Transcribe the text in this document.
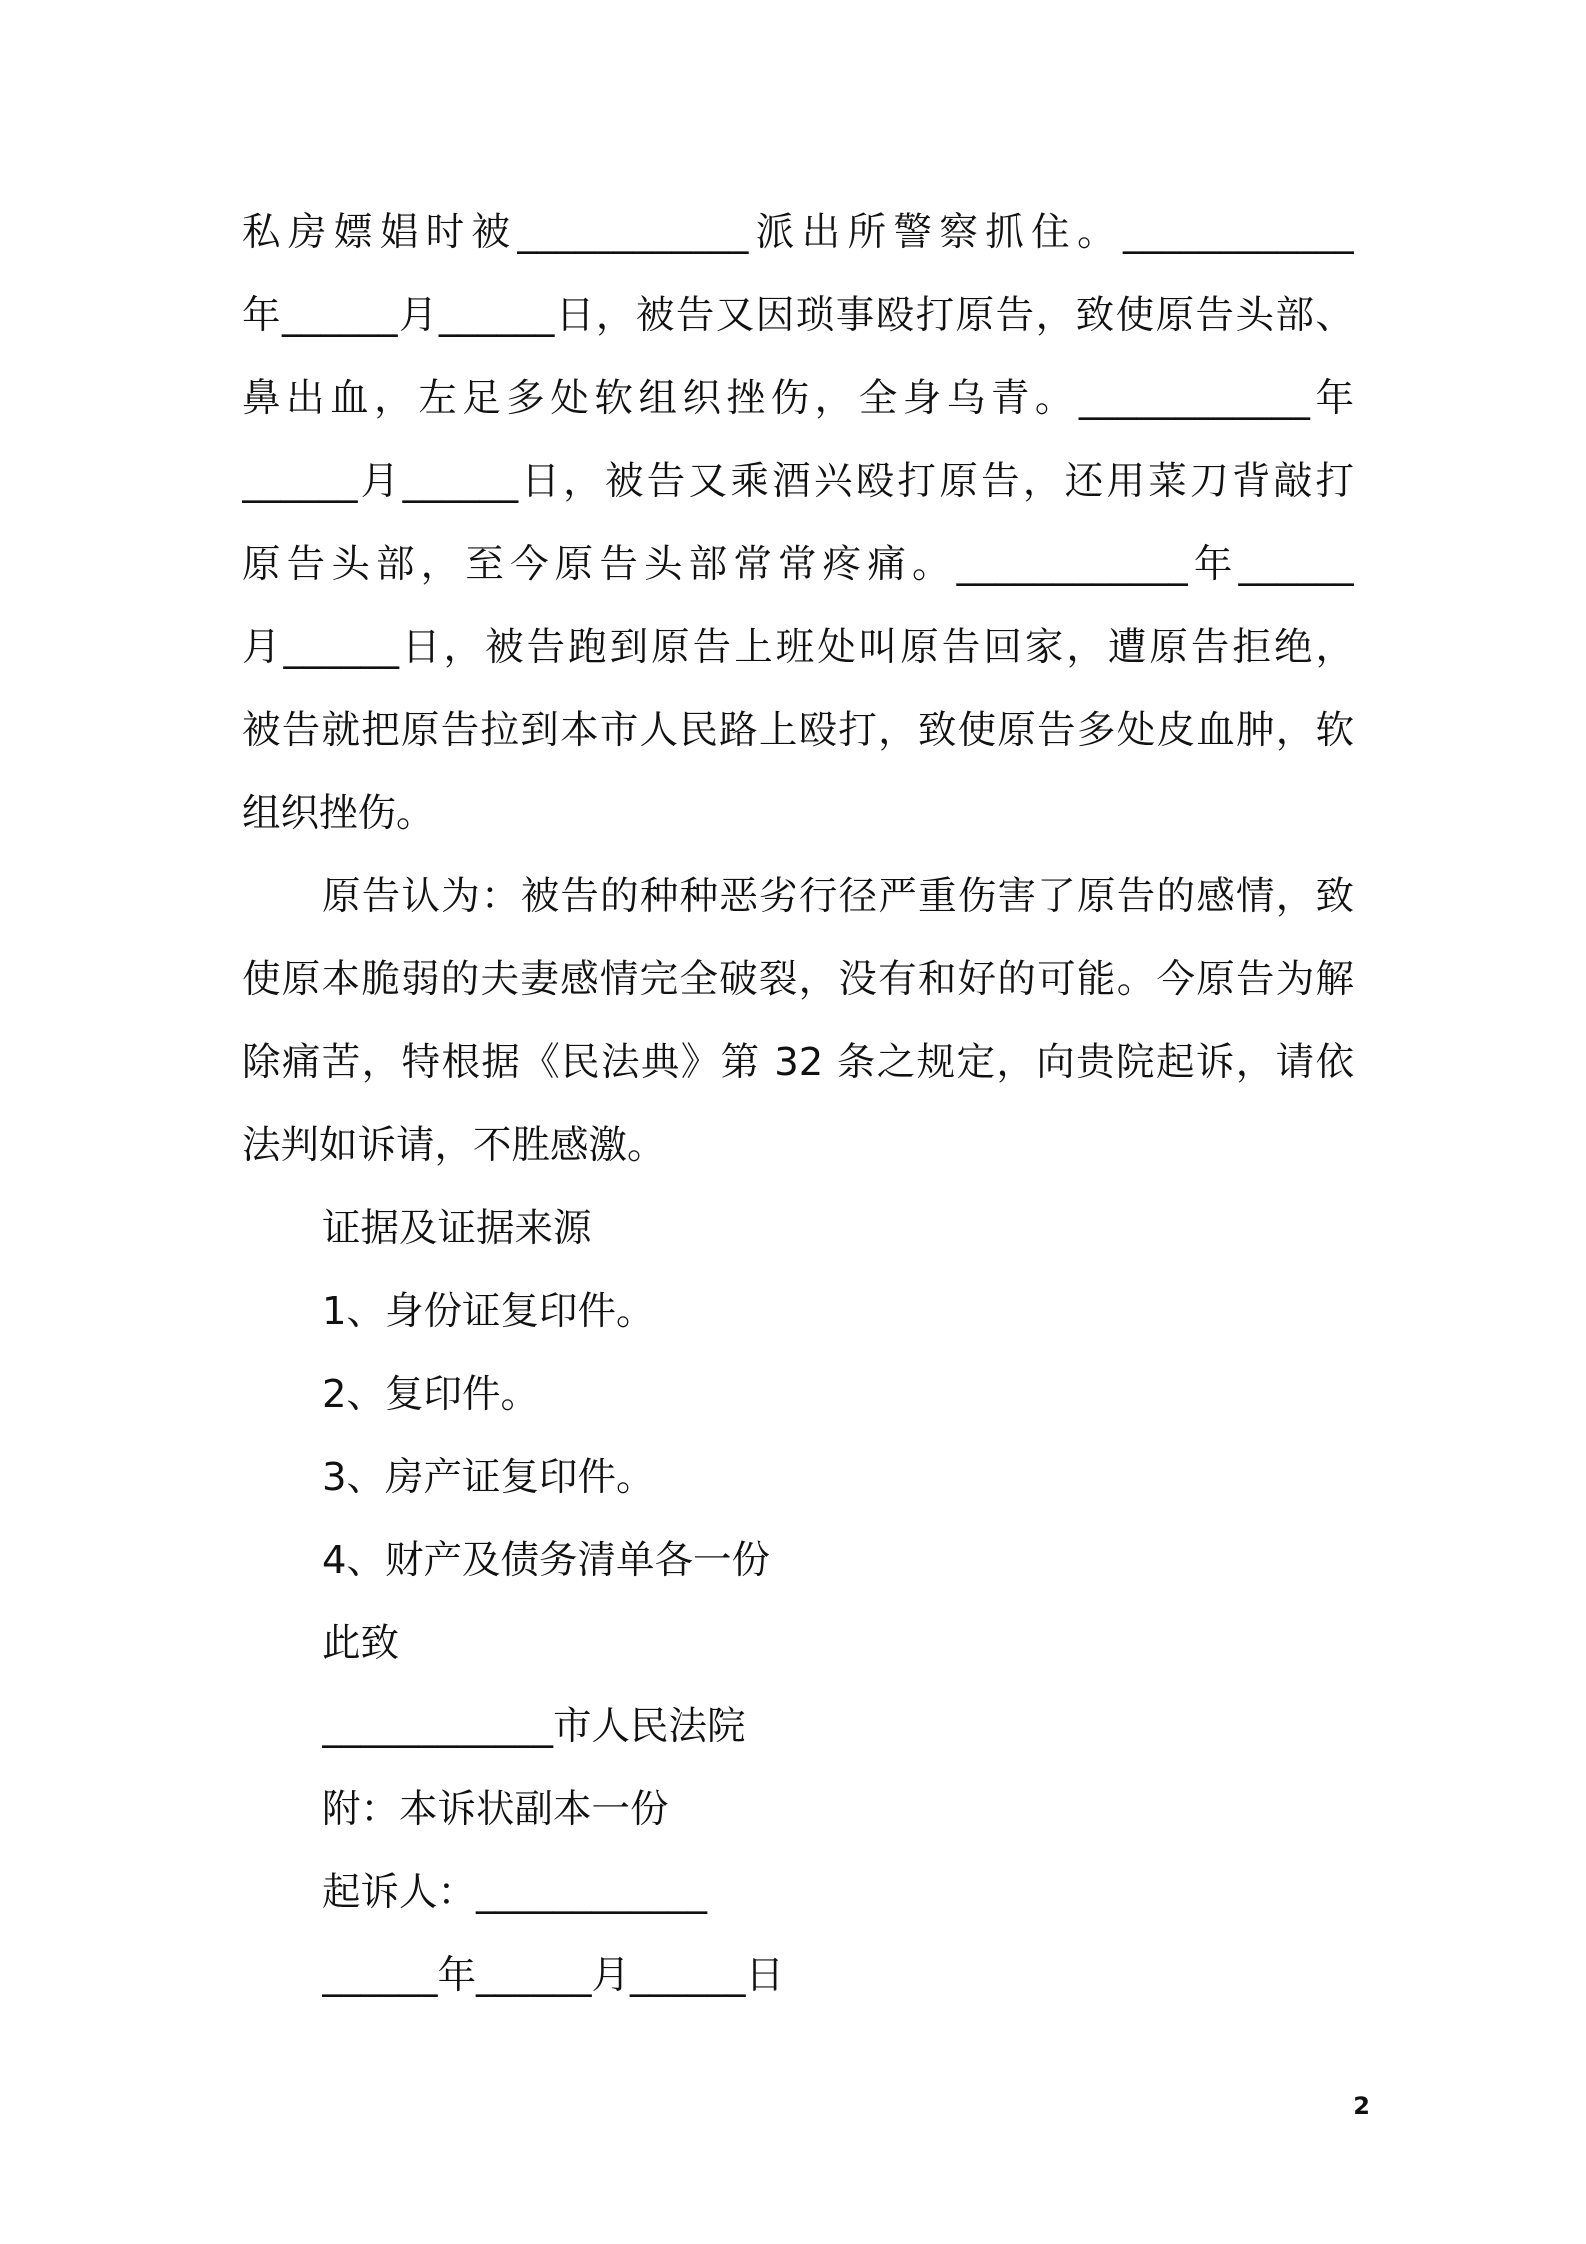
私房嫖娼时被____________派出所警察抓住。____________

年______月______日，被告又因琐事殴打原告，致使原告头部、

鼻出血，左足多处软组织挫伤，全身乌青。____________年

______月______日，被告又乘酒兴殴打原告，还用菜刀背敲打

原告头部，至今原告头部常常疼痛。____________年______

月______日，被告跑到原告上班处叫原告回家，遭原告拒绝，

被告就把原告拉到本市人民路上殴打，致使原告多处皮血肿，软

组织挫伤。

原告认为：被告的种种恶劣行径严重伤害了原告的感情，致

使原本脆弱的夫妻感情完全破裂，没有和好的可能。今原告为解

除痛苦，特根据《民法典》第 32 条之规定，向贵院起诉，请依

法判如诉请，不胜感激。

证据及证据来源

1、身份证复印件。

2、复印件。

3、房产证复印件。

4、财产及债务清单各一份

此致

____________市人民法院

附：本诉状副本一份

起诉人：____________

______年______月______日

2
